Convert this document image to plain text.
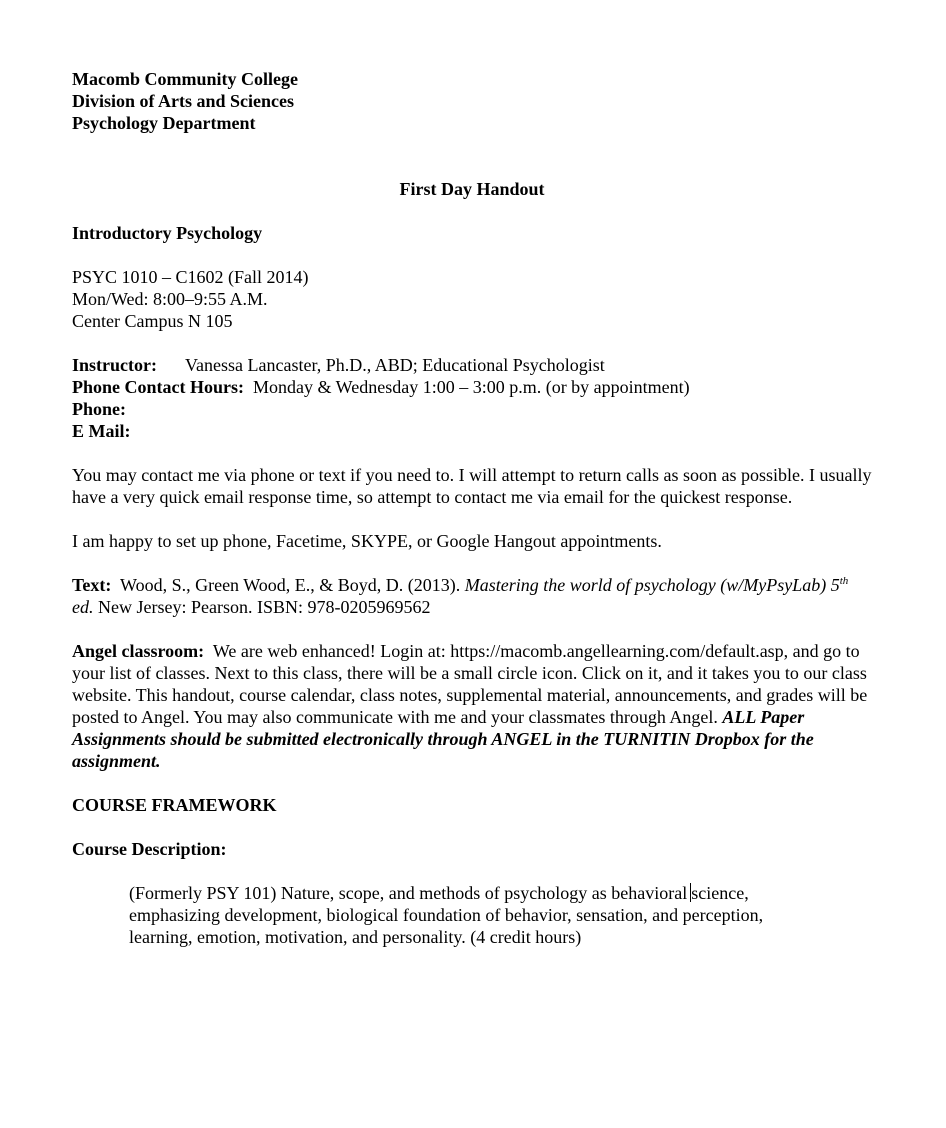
Macomb Community College
Division of Arts and Sciences
Psychology Department
First Day Handout
Introductory Psychology
PSYC 1010 – C1602 (Fall 2014)
Mon/Wed: 8:00–9:55 A.M.
Center Campus N 105
Instructor: Vanessa Lancaster, Ph.D., ABD; Educational Psychologist
Phone Contact Hours: Monday & Wednesday 1:00 – 3:00 p.m. (or by appointment)
Phone:
E Mail:
You may contact me via phone or text if you need to. I will attempt to return calls as soon as possible. I usually have a very quick email response time, so attempt to contact me via email for the quickest response.
I am happy to set up phone, Facetime, SKYPE, or Google Hangout appointments.
Text: Wood, S., Green Wood, E., & Boyd, D. (2013). Mastering the world of psychology (w/MyPsyLab) 5th ed. New Jersey: Pearson. ISBN: 978-0205969562
Angel classroom: We are web enhanced! Login at: https://macomb.angellearning.com/default.asp, and go to your list of classes. Next to this class, there will be a small circle icon. Click on it, and it takes you to our class website. This handout, course calendar, class notes, supplemental material, announcements, and grades will be posted to Angel. You may also communicate with me and your classmates through Angel. ALL Paper Assignments should be submitted electronically through ANGEL in the TURNITIN Dropbox for the assignment.
COURSE FRAMEWORK
Course Description:
(Formerly PSY 101) Nature, scope, and methods of psychology as behavioral science, emphasizing development, biological foundation of behavior, sensation, and perception, learning, emotion, motivation, and personality. (4 credit hours)
